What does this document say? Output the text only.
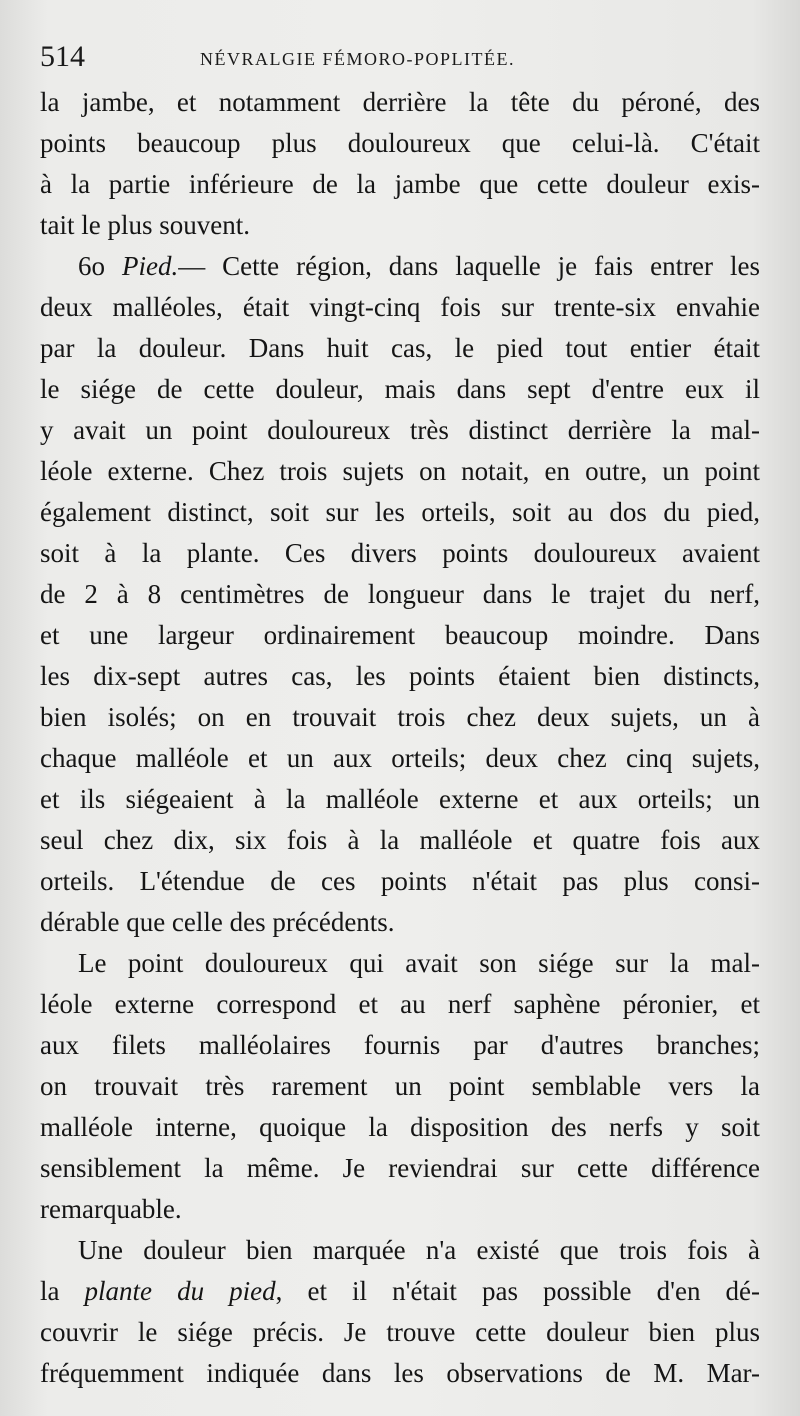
514	NÉVRALGIE FÉMORO-POPLITÉE.
la jambe, et notamment derrière la tête du péroné, des
points beaucoup plus douloureux que celui-là. C'était
à la partie inférieure de la jambe que cette douleur exis-
tait le plus souvent.
6o Pied.— Cette région, dans laquelle je fais entrer les
deux malléoles, était vingt-cinq fois sur trente-six envahie
par la douleur. Dans huit cas, le pied tout entier était
le siége de cette douleur, mais dans sept d'entre eux il
y avait un point douloureux très distinct derrière la mal-
léole externe. Chez trois sujets on notait, en outre, un point
également distinct, soit sur les orteils, soit au dos du pied,
soit à la plante. Ces divers points douloureux avaient
de 2 à 8 centimètres de longueur dans le trajet du nerf,
et une largeur ordinairement beaucoup moindre. Dans
les dix-sept autres cas, les points étaient bien distincts,
bien isolés; on en trouvait trois chez deux sujets, un à
chaque malléole et un aux orteils; deux chez cinq sujets,
et ils siégeaient à la malléole externe et aux orteils; un
seul chez dix, six fois à la malléole et quatre fois aux
orteils. L'étendue de ces points n'était pas plus consi-
dérable que celle des précédents.
Le point douloureux qui avait son siége sur la mal-
léole externe correspond et au nerf saphène péronier, et
aux filets malléolaires fournis par d'autres branches;
on trouvait très rarement un point semblable vers la
malléole interne, quoique la disposition des nerfs y soit
sensiblement la même. Je reviendrai sur cette différence
remarquable.
Une douleur bien marquée n'a existé que trois fois à
la plante du pied, et il n'était pas possible d'en dé-
couvrir le siége précis. Je trouve cette douleur bien plus
fréquemment indiquée dans les observations de M. Mar-
